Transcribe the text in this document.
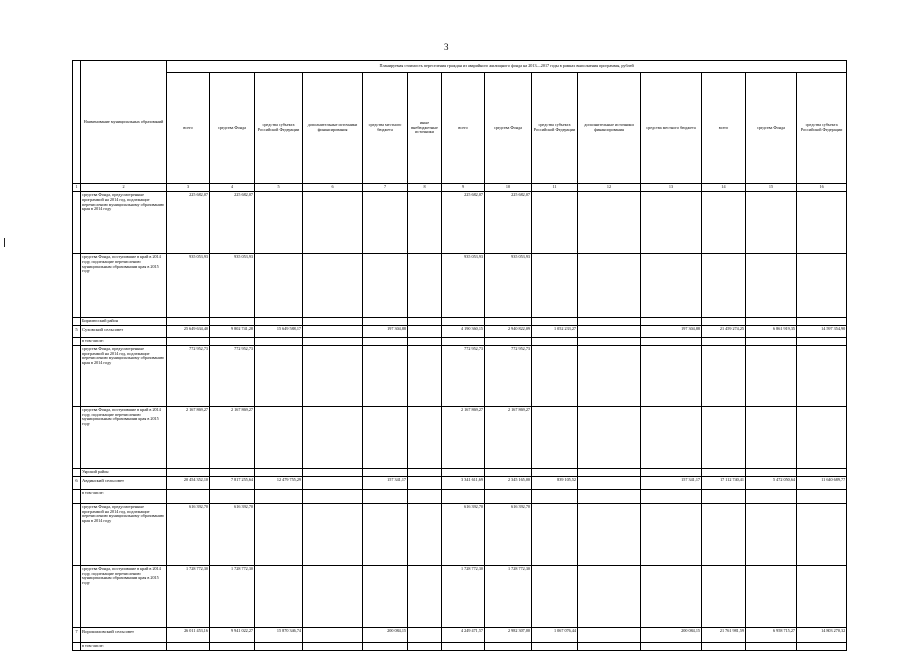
3
	Наименование муниципальных образований	Планируемая стоимость переселения граждан из аварийного жилищного фонда на 2013—2017 годы в рамках выполнения программы, рублей														
		всего	средства Фонда	средства субъекта Российской Федерации	дополнительные источники финансирования	средства местного бюджета	иные внебюджетные источники	всего	средства Фонда	средства субъекта Российской Федерации	дополнительные источники финансирования	средства местного бюджета	всего	средства Фонда	средства субъекта Российской Федерации	
1	2	3	4	5	6	7	8	9	10	11	12	13	14	15	16	
	средства Фонда, предусмотренные программой на 2014 год, подлежащие перечислению муниципальному образованию края в 2014 году	225 682,07	225 682,07					225 682,07	225 682,07							
	средства Фонда, поступившие в край в 2014 году, подлежащие перечислению муниципальным образованиям края в 2015 году	935 053,93	935 053,93					935 053,93	935 053,93							
	Бирилюсский район															
5	Суховский сельсовет	25 649 634,40	9 802 741,28	15 649 588,17		197 304,88		4 190 360,15	2 940 822,09	1 052 233,27		197 304,88	21 459 274,25	6 861 919,35	14 597 354,90	
	в том числе:															
	средства Фонда, предусмотренные программой на 2014 год, подлежащие перечислению муниципальному образованию края в 2014 году	772 952,73	772 952,73					772 952,73	772 952,73							
	средства Фонда, поступившие в край в 2014 году, подлежащие перечислению муниципальным образованиям края в 2015 году	2 167 869,27	2 167 869,27					2 167 869,27	2 167 869,27							
	Уярский район															
6	Авдинский сельсовет	20 454 352,10	7 817 255,64	12 479 755,29		157 341,17		3 341 611,69	2 345 165,00	839 105,52		157 341,17	17 112 740,41	5 472 050,64	11 640 689,77	
	в том числе:															
	средства Фонда, предусмотренные программой на 2014 год, подлежащие перечислению муниципальному образованию края в 2014 году	616 392,70	616 392,70					616 392,70	616 392,70							
	средства Фонда, поступившие в край в 2014 году, подлежащие перечислению муниципальным образованиям края в 2015 году	1 728 772,30	1 728 772,30					1 728 772,30	1 728 772,30							
7	Ворошиловский сельсовет	26 011 453,16	9 941 022,27	15 870 346,74		200 084,15		4 249 471,57	2 982 307,00	1 067 076,44		200 084,15	21 761 981,59	6 958 715,27	14 803 270,32	
	в том числе:															
